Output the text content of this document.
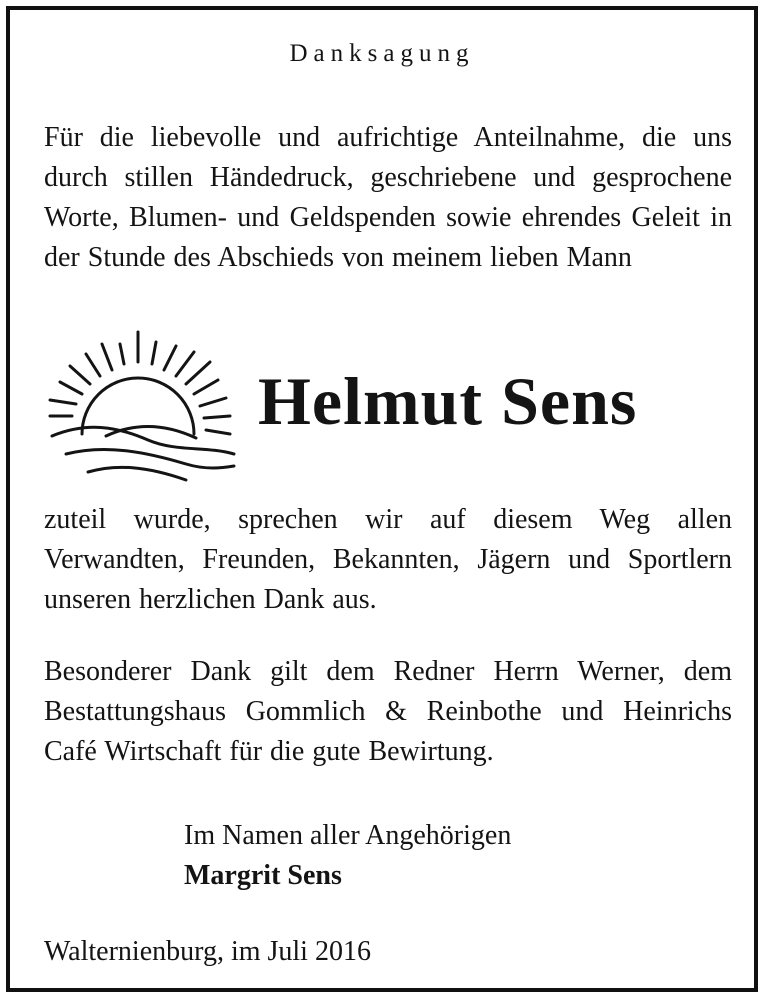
Danksagung
Für die liebevolle und aufrichtige Anteilnahme, die uns durch stillen Händedruck, geschriebene und gesprochene Worte, Blumen- und Geldspenden sowie ehrendes Geleit in der Stunde des Abschieds von meinem lieben Mann
Helmut Sens
zuteil wurde, sprechen wir auf diesem Weg allen Verwandten, Freunden, Bekannten, Jägern und Sportlern unseren herzlichen Dank aus.
Besonderer Dank gilt dem Redner Herrn Werner, dem Bestattungshaus Gommlich & Reinbothe und Heinrichs Café Wirtschaft für die gute Bewirtung.
Im Namen aller Angehörigen
Margrit Sens
Walternienburg, im Juli 2016
